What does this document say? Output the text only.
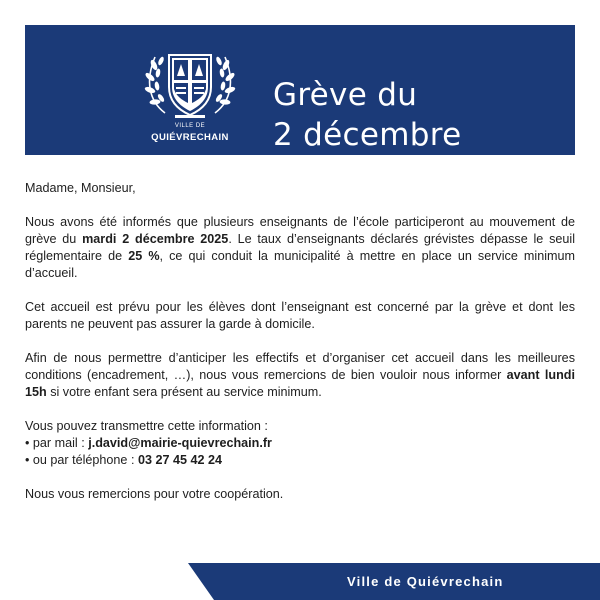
VILLE DE
QUIÉVRECHAIN
Grève du
2 décembre

Madame, Monsieur,

Nous avons été informés que plusieurs enseignants de l’école participeront au mouvement de grève du mardi 2 décembre 2025. Le taux d’enseignants déclarés grévistes dépasse le seuil réglementaire de 25 %, ce qui conduit la municipalité à mettre en place un service minimum d’accueil.

Cet accueil est prévu pour les élèves dont l’enseignant est concerné par la grève et dont les parents ne peuvent pas assurer la garde à domicile.

Afin de nous permettre d’anticiper les effectifs et d’organiser cet accueil dans les meilleures conditions (encadrement, …), nous vous remercions de bien vouloir nous informer avant lundi 15h si votre enfant sera présent au service minimum.

Vous pouvez transmettre cette information :
• par mail : j.david@mairie-quievrechain.fr
• ou par téléphone : 03 27 45 42 24

Nous vous remercions pour votre coopération.

Ville de Quiévrechain
